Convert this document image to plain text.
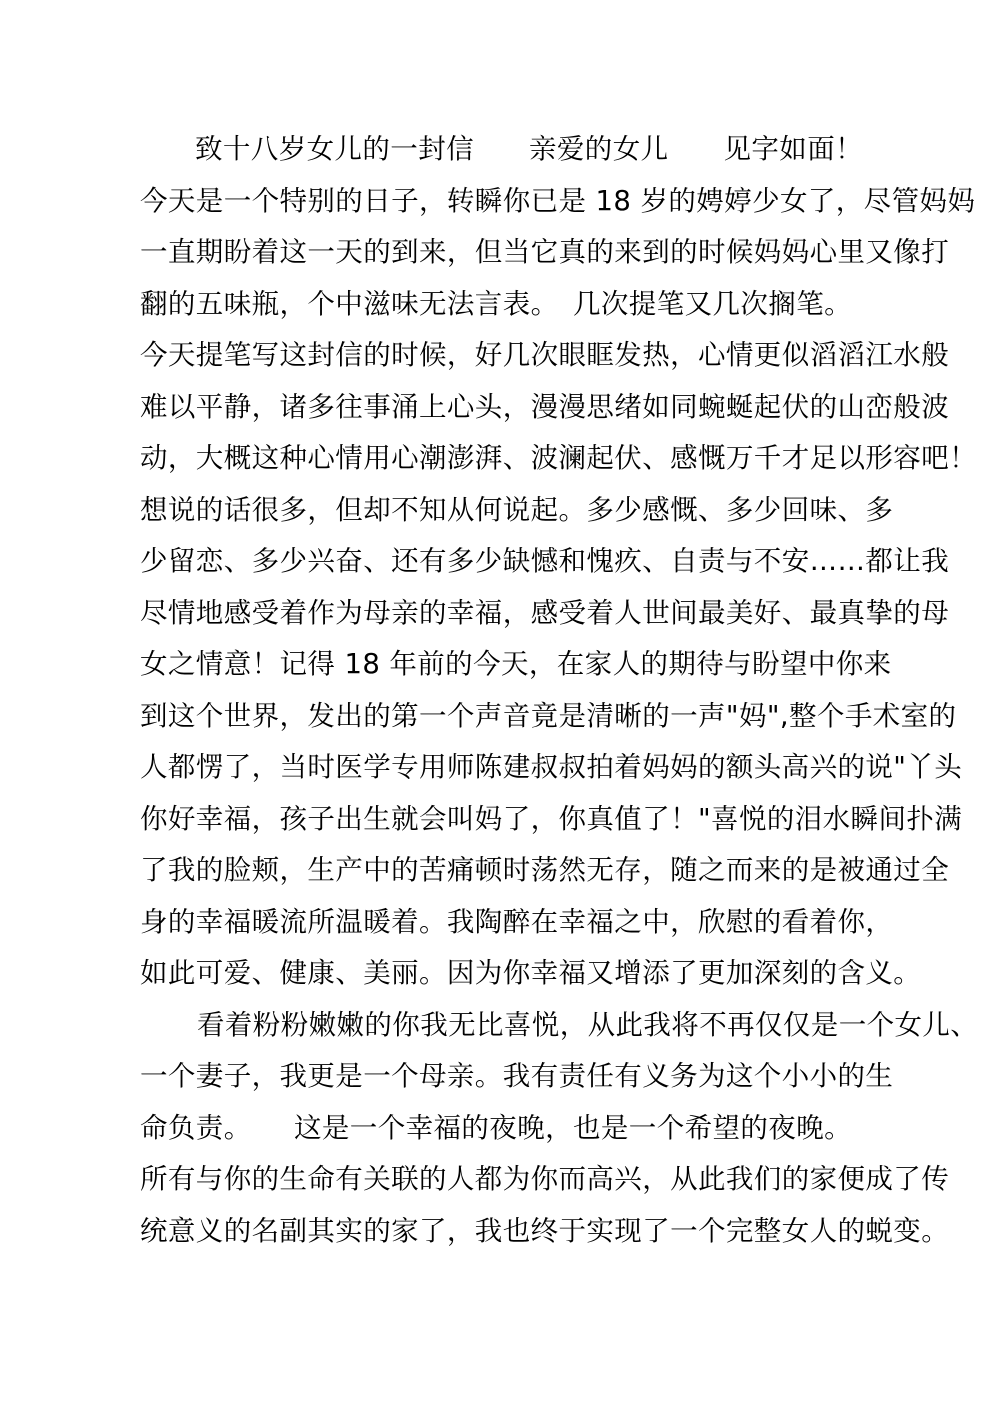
致十八岁女儿的一封信	亲爱的女儿	见字如面！
今天是一个特别的日子，转瞬你已是 18 岁的娉婷少女了，尽管妈妈
一直期盼着这一天的到来，但当它真的来到的时候妈妈心里又像打
翻的五味瓶，个中滋味无法言表。 几次提笔又几次搁笔。
今天提笔写这封信的时候，好几次眼眶发热，心情更似滔滔江水般
难以平静，诸多往事涌上心头，漫漫思绪如同蜿蜒起伏的山峦般波
动，大概这种心情用心潮澎湃、波澜起伏、感慨万千才足以形容吧！
想说的话很多，但却不知从何说起。 多少感慨、多少回味、多
少留恋、多少兴奋、还有多少缺憾和愧疚、自责与不安……都让我
尽情地感受着作为母亲的幸福，感受着人世间最美好、最真挚的母
女之情意！ 记得 18 年前的今天，在家人的期待与盼望中你来
到这个世界，发出的第一个声音竟是清晰的一声"妈",整个手术室的
人都愣了，当时医学专用师陈建叔叔拍着妈妈的额头高兴的说"丫头
你好幸福，孩子出生就会叫妈了，你真值了！"喜悦的泪水瞬间扑满
了我的脸颊，生产中的苦痛顿时荡然无存，随之而来的是被通过全
身的幸福暖流所温暖着。 我陶醉在幸福之中，欣慰的看着你，
如此可爱、健康、美丽。 因为你幸福又增添了更加深刻的含义。
看着粉粉嫩嫩的你我无比喜悦，从此我将不再仅仅是一个女儿、
一个妻子，我更是一个母亲。 我有责任有义务为这个小小的生
命负责。 这是一个幸福的夜晚，也是一个希望的夜晚。
所有与你的生命有关联的人都为你而高兴，从此我们的家便成了传
统意义的名副其实的家了，我也终于实现了一个完整女人的蜕变。
